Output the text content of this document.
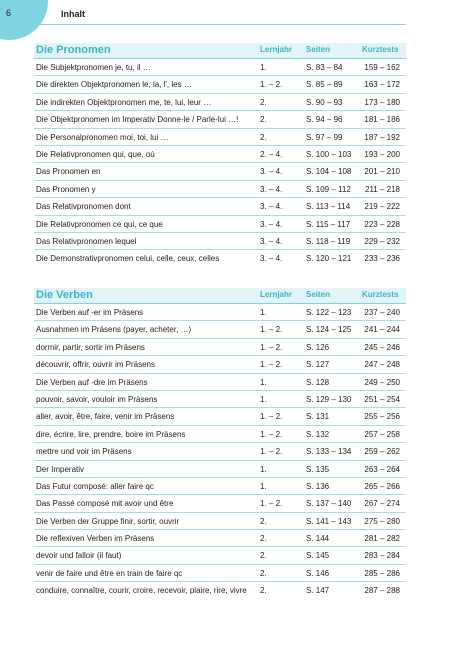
6	Inhalt
Die Pronomen	Lernjahr Seiten	Kurztests
Die Subjektpronomen je, tu, il …	1.	S. 83 – 84	159 – 162
Die direkten Objektpronomen le, la, l', les …	1. – 2.	S. 85 – 89	163 – 172
Die indirekten Objektpronomen me, te, lui, leur …	2.	S. 90 – 93	173 – 180
Die Objektpronomen im Imperativ Donne-le / Parle-lui …!	2.	S. 94 – 96	181 – 186
Die Personalpronomen moi, toi, lui …	2.	S. 97 – 99	187 – 192
Die Relativpronomen qui, que, où	2. – 4.	S. 100 – 103 193 – 200
Das Pronomen en	3. – 4.	S. 104 – 108 201 – 210
Das Pronomen y	3. – 4.	S. 109 – 112 211 – 218
Das Relativpronomen dont	3. – 4.	S. 113 – 114 219 – 222
Die Relativpronomen ce qui, ce que	3. – 4.	S. 115 – 117 223 – 228
Das Relativpronomen lequel	3. – 4.	S. 118 – 119 229 – 232
Die Demonstrativpronomen celui, celle, ceux, celles	3. – 4.	S. 120 – 121 233 – 236
Die Verben	Lernjahr Seiten	Kurztests
Die Verben auf -er im Präsens	1.	S. 122 – 123 237 – 240
Ausnahmen im Präsens (payer, acheter, …)	1. – 2.	S. 124 – 125 241 – 244
dormir, partir, sortir im Präsens	1. – 2.	S. 126	245 – 246
découvrir, offrir, ouvrir im Präsens	1. – 2.	S. 127	247 – 248
Die Verben auf -dre im Präsens	1.	S. 128	249 – 250
pouvoir, savoir, vouloir im Präsens	1.	S. 129 – 130 251 – 254
aller, avoir, être, faire, venir im Präsens	1. – 2.	S. 131	255 – 256
dire, écrire, lire, prendre, boire im Präsens	1. – 2.	S. 132	257 – 258
mettre und voir im Präsens	1. – 2.	S. 133 – 134 259 – 262
Der Imperativ	1.	S. 135	263 – 264
Das Futur composé: aller faire qc	1.	S. 136	265 – 266
Das Passé composé mit avoir und être	1. – 2.	S. 137 – 140 267 – 274
Die Verben der Gruppe finir, sortir, ouvrir	2.	S. 141 – 143 275 – 280
Die reflexiven Verben im Präsens	2.	S. 144	281 – 282
devoir und falloir (il faut)	2.	S. 145	283 – 284
venir de faire und être en train de faire qc	2.	S. 146	285 – 286
conduire, connaître, courir, croire, recevoir, plaire, rire, vivre 2.	S. 147	287 – 288
